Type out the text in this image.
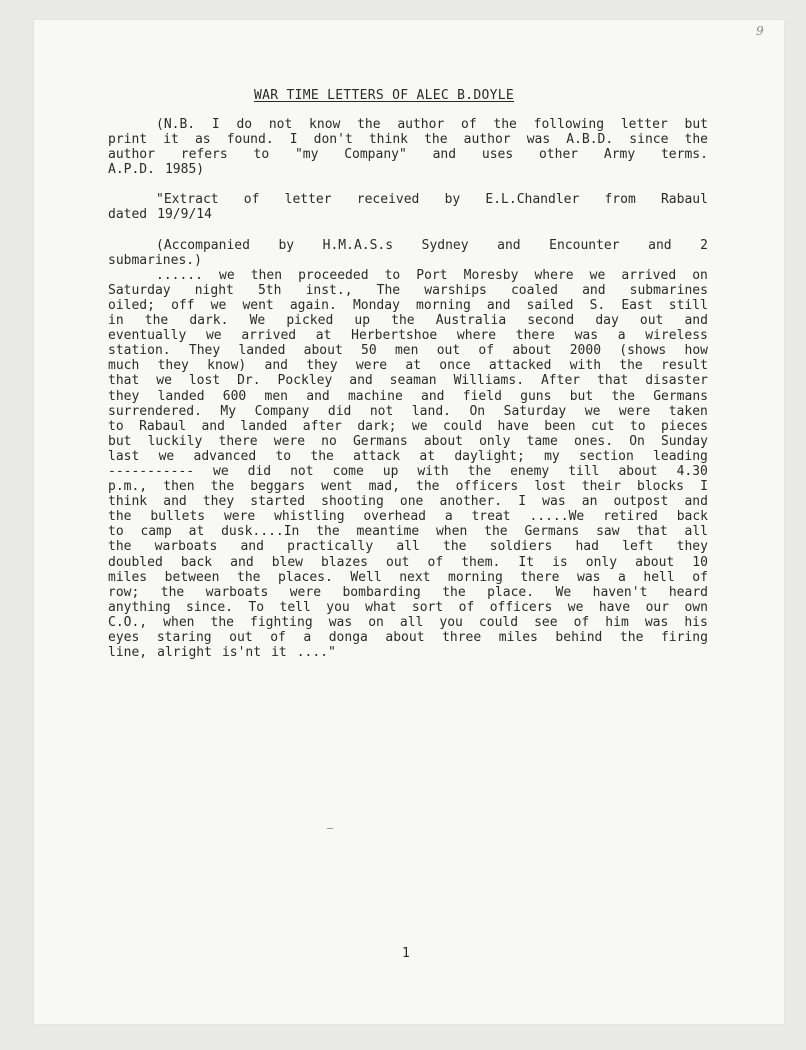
9
WAR TIME LETTERS OF ALEC B.DOYLE
(N.B. I do not know the author of the following letter but
print it as found. I don't think the author was A.B.D. since the
author refers to "my Company" and uses other Army terms.
A.P.D. 1985)
"Extract of letter received by E.L.Chandler from Rabaul
dated 19/9/14
(Accompanied by H.M.A.S.s Sydney and Encounter and 2
submarines.)
...... we then proceeded to Port Moresby where we arrived on
Saturday night 5th inst., The warships coaled and submarines
oiled; off we went again. Monday morning and sailed S. East still
in the dark. We picked up the Australia second day out and
eventually we arrived at Herbertshoe where there was a wireless
station. They landed about 50 men out of about 2000 (shows how
much they know) and they were at once attacked with the result
that we lost Dr. Pockley and seaman Williams. After that disaster
they landed 600 men and machine and field guns but the Germans
surrendered. My Company did not land. On Saturday we were taken
to Rabaul and landed after dark; we could have been cut to pieces
but luckily there were no Germans about only tame ones. On Sunday
last we advanced to the attack at daylight; my section leading
----------- we did not come up with the enemy till about 4.30
p.m., then the beggars went mad, the officers lost their blocks I
think and they started shooting one another. I was an outpost and
the bullets were whistling overhead a treat .....We retired back
to camp at dusk....In the meantime when the Germans saw that all
the warboats and practically all the soldiers had left they
doubled back and blew blazes out of them. It is only about 10
miles between the places. Well next morning there was a hell of
row; the warboats were bombarding the place. We haven't heard
anything since. To tell you what sort of officers we have our own
C.O., when the fighting was on all you could see of him was his
eyes staring out of a donga about three miles behind the firing
line, alright is'nt it ...."
1
